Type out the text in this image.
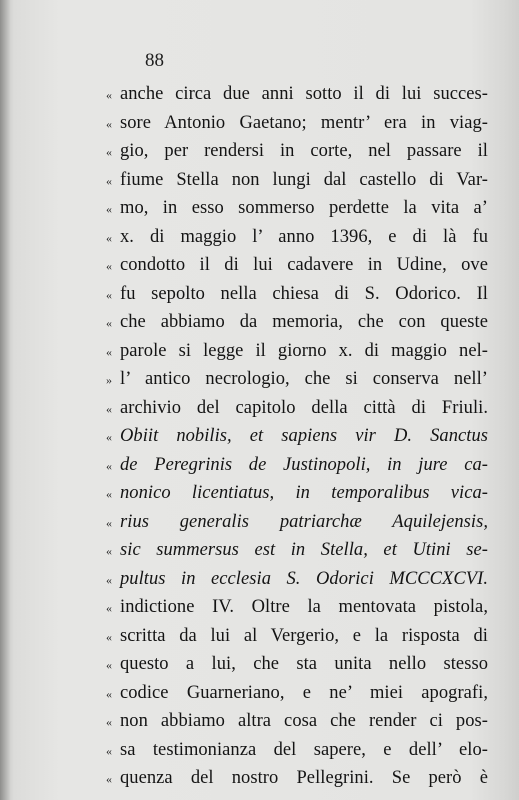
88
« anche circa due anni sotto il di lui succes-
« sore Antonio Gaetano; mentr’ era in viag-
« gio, per rendersi in corte, nel passare il
« fiume Stella non lungi dal castello di Var-
« mo, in esso sommerso perdette la vita a’
« x. di maggio l’ anno 1396, e di là fu
« condotto il di lui cadavere in Udine, ove
« fu sepolto nella chiesa di S. Odorico. Il
« che abbiamo da memoria, che con queste
« parole si legge il giorno x. di maggio nel-
» l’ antico necrologio, che si conserva nell’
« archivio del capitolo della città di Friuli.
« Obiit nobilis, et sapiens vir D. Sanctus
« de Peregrinis de Justinopoli, in jure ca-
« nonico licentiatus, in temporalibus vica-
« rius generalis patriarchæ Aquilejensis,
« sic summersus est in Stella, et Utini se-
« pultus in ecclesia S. Odorici MCCCXCVI.
« indictione IV. Oltre la mentovata pistola,
« scritta da lui al Vergerio, e la risposta di
« questo a lui, che sta unita nello stesso
« codice Guarneriano, e ne’ miei apografi,
« non abbiamo altra cosa che render ci pos-
« sa testimonianza del sapere, e dell’ elo-
« quenza del nostro Pellegrini. Se però è
